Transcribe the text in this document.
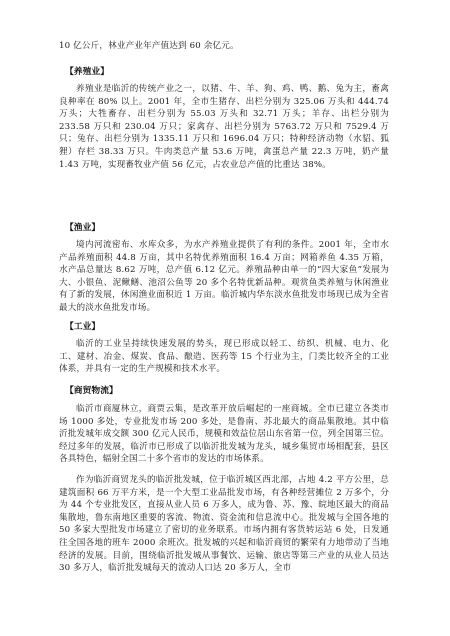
10 亿公斤，林业产业年产值达到 60 余亿元。

【养殖业】

养殖业是临沂的传统产业之一，以猪、牛、羊、狗、鸡、鸭、鹅、兔为主，畜禽良种率在 80% 以上。2001 年，全市生猪存、出栏分别为 325.06 万头和 444.74 万头；大牲畜存、出栏分别为 55.03 万头和 32.71 万头；羊存、出栏分别为 233.58 万只和 230.04 万只；家禽存、出栏分别为 5763.72 万只和 7529.4 万只；兔存、出栏分别为 1335.11 万只和 1696.04 万只；特种经济动物（水貂、狐狸）存栏 38.33 万只。牛肉类总产量 53.6 万吨，禽蛋总产量 22.3 万吨，奶产量 1.43 万吨，实现畜牧业产值 56 亿元，占农业总产值的比重达 38%。

【渔业】

境内河流密布、水库众多，为水产养殖业提供了有利的条件。2001 年，全市水产品养殖面积 44.8 万亩，其中名特优养殖面积 16.4 万亩；网箱养鱼 4.35 万箱，水产品总量达 8.62 万吨，总产值 6.12 亿元。养殖品种由单一的“四大家鱼”发展为大、小银鱼、泥鳅鳝、池沼公鱼等 20 多个名特优新品种。观赏鱼类养殖与休闲渔业有了新的发展，休闲渔业面积近 1 万亩。临沂城内华东淡水鱼批发市场现已成为全省最大的淡水鱼批发市场。

【工业】

临沂的工业呈持续快速发展的势头，现已形成以轻工、纺织、机械、电力、化工、建材、冶金、煤炭、食品、酿造、医药等 15 个行业为主，门类比较齐全的工业体系，并具有一定的生产规模和技术水平。

【商贸物流】

临沂市商厦林立，商贾云集，是改革开放后崛起的一座商城。全市已建立各类市场 1000 多处，专业批发市场 200 多处，是鲁南、苏北最大的商品集散地。其中临沂批发城年成交额 300 亿元人民币，规模和效益位居山东省第一位，列全国第三位。经过多年的发展，临沂市已形成了以临沂批发城为龙头，城乡集贸市场相配套，县区各具特色，辐射全国二十多个省市的发达的市场体系。

作为临沂商贸龙头的临沂批发城，位于临沂城区西北部，占地 4.2 平方公里，总建筑面积 66 万平方米，是一个大型工业品批发市场，有各种经营摊位 2 万多个，分为 44 个专业批发区，直接从业人员 6 万多人，成为鲁、苏、豫、皖地区最大的商品集散地，鲁东南地区重要的客流、物流、资金流和信息流中心。批发城与全国各地的 50 多家大型批发市场建立了密切的业务联系。市场内拥有客货转运站 6 处，日发通往全国各地的班车 2000 余班次。批发城的兴起和临沂商贸的繁荣有力地带动了当地经济的发展。目前，围绕临沂批发城从事餐饮、运输、旅店等第三产业的从业人员达 30 多万人，临沂批发城每天的流动人口达 20 多万人，全市
